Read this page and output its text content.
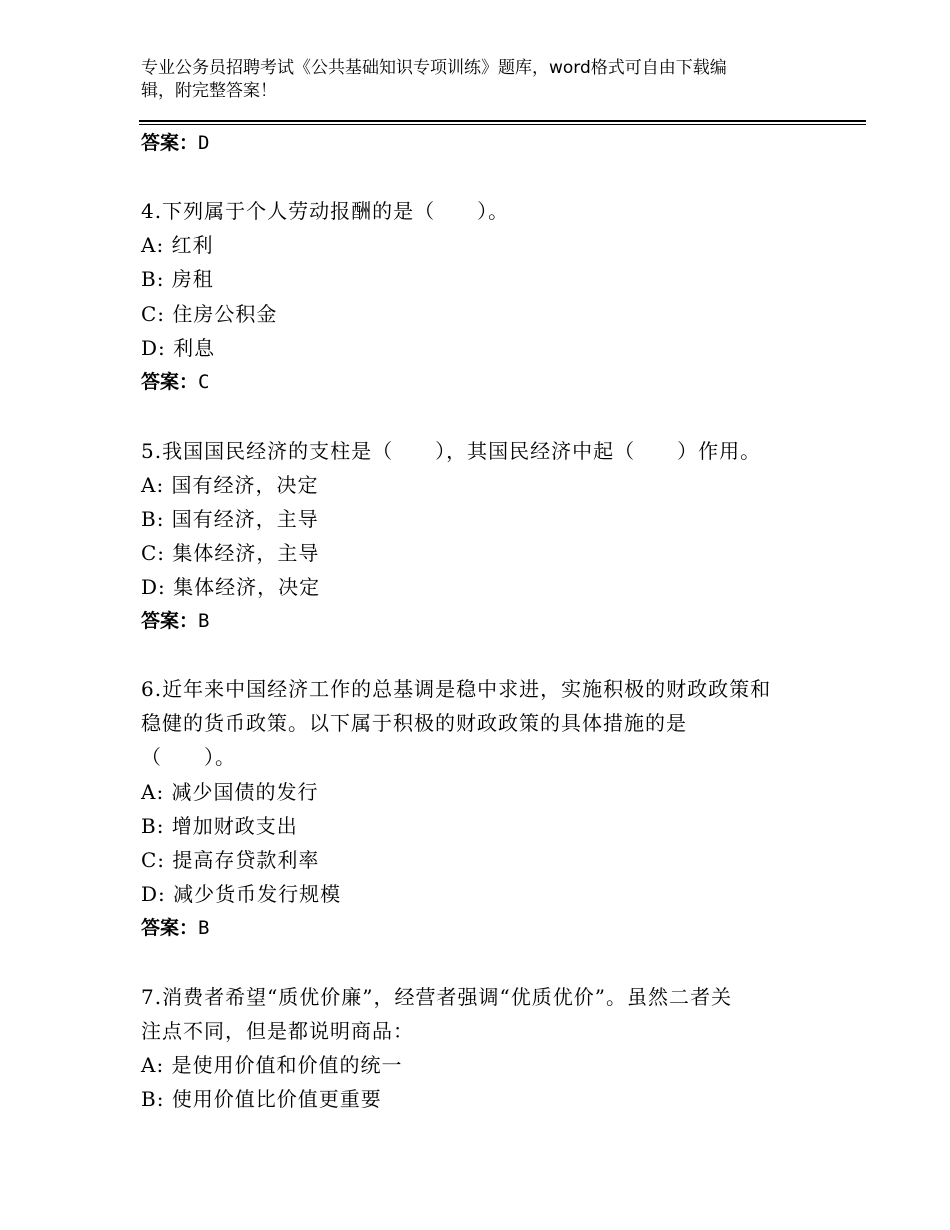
专业公务员招聘考试《公共基础知识专项训练》题库，word格式可自由下载编
辑，附完整答案！
答案：D
4.下列属于个人劳动报酬的是（　　）。
A: 红利
B: 房租
C: 住房公积金
D: 利息
答案：C
5.我国国民经济的支柱是（　　），其国民经济中起（　　）作用。
A: 国有经济，决定
B: 国有经济，主导
C: 集体经济，主导
D: 集体经济，决定
答案：B
6.近年来中国经济工作的总基调是稳中求进，实施积极的财政政策和
稳健的货币政策。以下属于积极的财政政策的具体措施的是
（　　）。
A: 减少国债的发行
B: 增加财政支出
C: 提高存贷款利率
D: 减少货币发行规模
答案：B
7.消费者希望“质优价廉”，经营者强调“优质优价”。虽然二者关
注点不同，但是都说明商品：
A: 是使用价值和价值的统一
B: 使用价值比价值更重要
